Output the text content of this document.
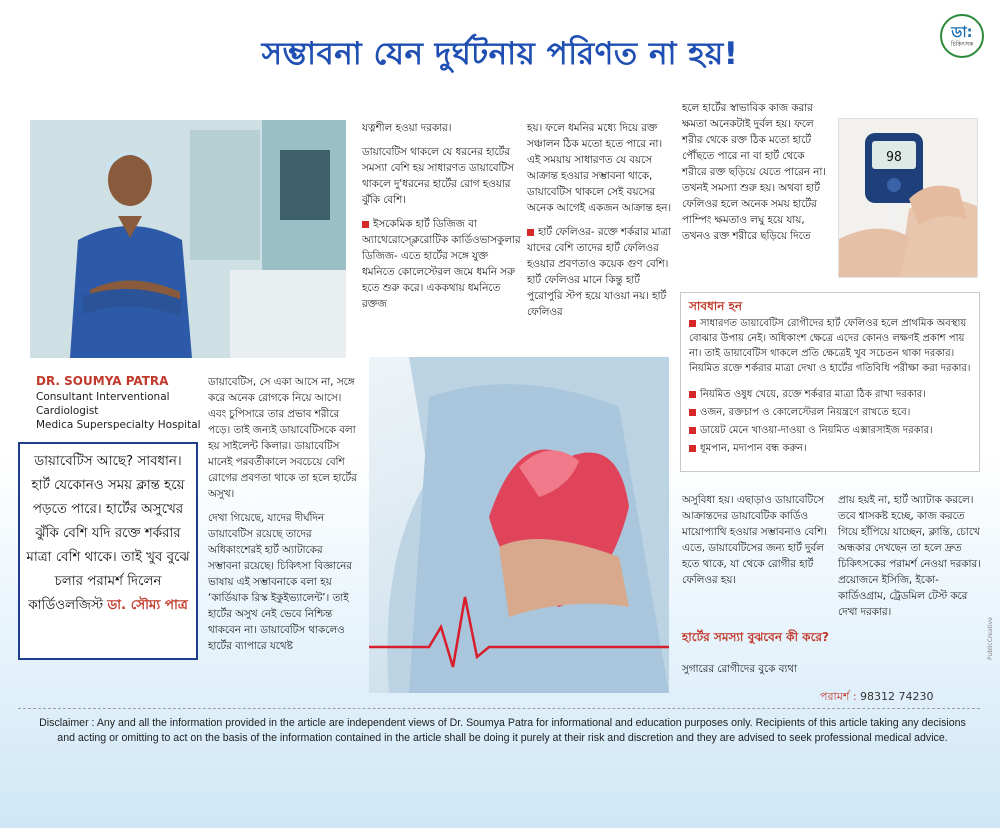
ডা:
চিকিৎসক
সম্ভাবনা যেন দুর্ঘটনায় পরিণত না হয়!
DR. SOUMYA PATRA
Consultant Interventional
Cardiologist
Medica Superspecialty Hospital
ডায়াবেটিস আছে? সাবধান। হার্ট যেকোনও সময় ক্লান্ত হয়ে পড়তে পারে। হার্টের অসুখের ঝুঁকি বেশি যদি রক্তে শর্করার মাত্রা বেশি থাকে। তাই খুব বুঝে চলার পরামর্শ দিলেন কার্ডিওলজিস্ট ডা. সৌম্য পাত্র

ডায়াবেটিস, সে একা আসে না, সঙ্গে করে অনেক রোগকে নিয়ে আসে। এবং চুপিসারে তার প্রভাব শরীরে পড়ে। তাই জন্যই ডায়াবেটিসকে বলা হয় সাইলেন্ট কিলার। ডায়াবেটিস মানেই পরবর্তীকালে সবচেয়ে বেশি রোগের প্রবণতা থাকে তা হলে হার্টের অসুখ।

দেখা গিয়েছে, যাদের দীর্ঘদিন ডায়াবেটিস রয়েছে তাদের অধিকাংশেরই হার্ট অ্যাটাকের সম্ভাবনা রয়েছে। চিকিৎসা বিজ্ঞানের ভাষায় এই সম্ভাবনাকে বলা হয় ‘কার্ডিয়াক রিস্ক ইকুইভ্যালেন্ট’। তাই হার্টের অসুখ নেই ভেবে নিশ্চিন্ত থাকবেন না। ডায়াবেটিস থাকলেও হার্টের ব্যাপারে যথেষ্ট

যত্নশীল হওয়া দরকার।

ডায়াবেটিস থাকলে যে ধরনের হার্টের সমস্যা বেশি হয় সাধারণত ডায়াবেটিস থাকলে দু'ধরনের হার্টের রোগ হওয়ার ঝুঁকি বেশি।

ইসকেমিক হার্ট ডিজিজ বা অ্যাথেরোস্ক্লেরোটিক কার্ডিওভাসকুলার ডিজিজ- এতে হার্টের সঙ্গে যুক্ত ধমনিতে কোলেস্টেরল জমে ধমনি সরু হতে শুরু করে। এককথায় ধমনিতে রক্তজ

হয়। ফলে ধমনির মধ্যে দিয়ে রক্ত সঞ্চালন ঠিক মতো হতে পারে না। এই সময়ায় সাধারণত যে বয়সে আক্রান্ত হওয়ার সম্ভাবনা থাকে, ডায়াবেটিস থাকলে সেই বয়সের অনেক আগেই একজন আক্রান্ত হন।

হার্ট ফেলিওর- রক্তে শর্করার মাত্রা যাদের বেশি তাদের হার্ট ফেলিওর হওয়ার প্রবণতাও কয়েক গুণ বেশি। হার্ট ফেলিওর মানে কিন্তু হার্ট পুরোপুরি স্টপ হয়ে যাওয়া নয়। হার্ট ফেলিওর

হলে হার্টের স্বাভাবিক কাজ করার ক্ষমতা অনেকটাই দুর্বল হয়। ফলে শরীর থেকে রক্ত ঠিক মতো হার্টে পৌঁছতে পারে না বা হার্ট থেকে শরীরে রক্ত ছড়িয়ে যেতে পারেন না। তখনই সমস্যা শুরু হয়। অথবা হার্ট ফেলিওর হলে অনেক সময় হার্টের পাম্পিং ক্ষমতাও লঘু হয়ে যায়, তখনও রক্ত শরীরে ছড়িয়ে দিতে

98
সাবধান হন
সাধারণত ডায়াবেটিস রোগীদের হার্ট ফেলিওর হলে প্রাথমিক অবস্থায় বোঝার উপায় নেই। অধিকাংশ ক্ষেত্রে এদের কোনও লক্ষণই প্রকাশ পায় না। তাই ডায়াবেটিস থাকলে প্রতি ক্ষেত্রেই খুব সচেতন থাকা দরকার। নিয়মিত রক্তে শর্করার মাত্রা দেখা ও হার্টের গতিবিধি পরীক্ষা করা দরকার।
নিয়মিত ওষুধ খেয়ে, রক্তে শর্করার মাত্রা ঠিক রাখা দরকার।
ওজন, রক্তচাপ ও কোলেস্টেরল নিয়ন্ত্রণে রাখতে হবে।
ডায়েট মেনে খাওয়া-দাওয়া ও নিয়মিত এক্সারসাইজ দরকার।
ধূমপান, মদ্যপান বন্ধ করুন।

অসুবিধা হয়। এছাড়াও ডায়াবেটিসে আক্রান্তদের ডায়াবেটিক কার্ডিও মায়োপ্যাথি হওয়ার সম্ভাবনাও বেশি। এতে, ডায়াবেটিসের জন্য হার্ট দুর্বল হতে থাকে, যা থেকে রোগীর হার্ট ফেলিওর হয়।

হার্টের সমস্যা বুঝবেন কী করে?
সুগারের রোগীদের বুকে ব্যথা

প্রায় হয়ই না, হার্ট অ্যাটাক করলে। তবে শ্বাসকষ্ট হচ্ছে, কাজ করতে গিয়ে হাঁপিয়ে যাচ্ছেন, ক্লান্তি, চোখে অন্ধকার দেখছেন তা হলে দ্রুত চিকিৎসকের পরামর্শ নেওয়া দরকার। প্রয়োজনে ইসিজি, ইকো-কার্ডিওগ্রাম, ট্রেডমিল টেস্ট করে দেখা দরকার।

পরামর্শ : 98312 74230
PublicCreative
Disclaimer : Any and all the information provided in the article are independent views of Dr. Soumya Patra for informational and education purposes only. Recipients of this article taking any decisions and acting or omitting to act on the basis of the information contained in the article shall be doing it purely at their risk and discretion and they are advised to seek professional medical advice.
